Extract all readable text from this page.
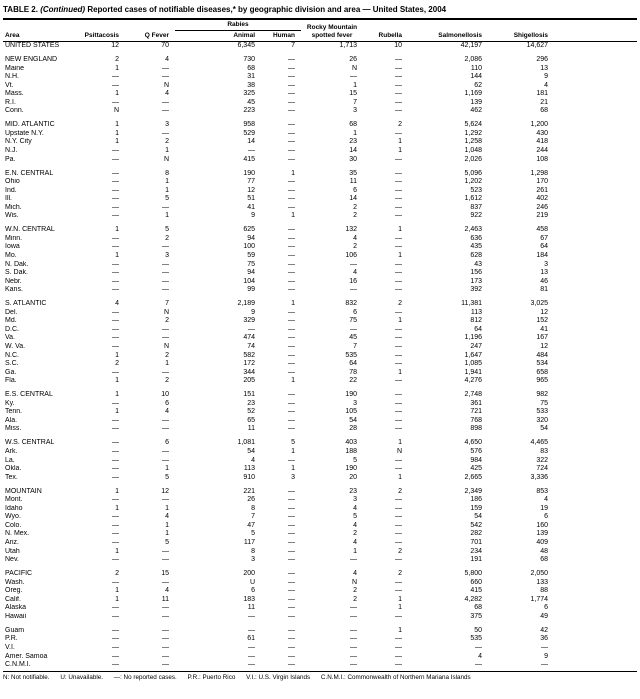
TABLE 2. (Continued) Reported cases of notifiable diseases,* by geographic division and area — United States, 2004
Area	Psittacosis	Q Fever	Rabies		Rocky Mountain
spotted fever	Rubella	Salmonellosis	Shigellosis	
			Animal	Human					
UNITED STATES	12	70	6,345	7	1,713	10	42,197	14,627	

NEW ENGLAND	2	4	730	—	26	—	2,086	296	
Maine	1	—	68	—	N	—	110	13	
N.H.	—	—	31	—	—	—	144	9	
Vt.	—	N	38	—	1	—	62	4	
Mass.	1	4	325	—	15	—	1,169	181	
R.I.	—	—	45	—	7	—	139	21	
Conn.	N	—	223	—	3	—	462	68	

MID. ATLANTIC	1	3	958	—	68	2	5,624	1,200	
Upstate N.Y.	1	—	529	—	1	—	1,292	430	
N.Y. City	1	2	14	—	23	1	1,258	418	
N.J.	—	1	—	—	14	1	1,048	244	
Pa.	—	N	415	—	30	—	2,026	108	

E.N. CENTRAL	—	8	190	1	35	—	5,096	1,298	
Ohio	—	1	77	—	11	—	1,202	170	
Ind.	—	1	12	—	6	—	523	261	
Ill.	—	5	51	—	14	—	1,612	402	
Mich.	—	—	41	—	2	—	837	246	
Wis.	—	1	9	1	2	—	922	219	

W.N. CENTRAL	1	5	625	—	132	1	2,463	458	
Minn.	—	2	94	—	4	—	636	67	
Iowa	—	—	100	—	2	—	435	64	
Mo.	1	3	59	—	106	1	628	184	
N. Dak.	—	—	75	—	—	—	43	3	
S. Dak.	—	—	94	—	4	—	156	13	
Nebr.	—	—	104	—	16	—	173	46	
Kans.	—	—	99	—	—	—	392	81	

S. ATLANTIC	4	7	2,189	1	832	2	11,381	3,025	
Del.	—	N	9	—	6	—	113	12	
Md.	—	2	329	—	75	1	812	152	
D.C.	—	—	—	—	—	—	64	41	
Va.	—	—	474	—	45	—	1,196	167	
W. Va.	—	N	74	—	7	—	247	12	
N.C.	1	2	582	—	535	—	1,647	484	
S.C.	2	1	172	—	64	—	1,085	534	
Ga.	—	—	344	—	78	1	1,941	658	
Fla.	1	2	205	1	22	—	4,276	965	

E.S. CENTRAL	1	10	151	—	190	—	2,748	982	
Ky.	—	6	23	—	3	—	361	75	
Tenn.	1	4	52	—	105	—	721	533	
Ala.	—	—	65	—	54	—	768	320	
Miss.	—	—	11	—	28	—	898	54	

W.S. CENTRAL	—	6	1,081	5	403	1	4,650	4,465	
Ark.	—	—	54	1	188	N	576	83	
La.	—	—	4	—	5	—	984	322	
Okla.	—	1	113	1	190	—	425	724	
Tex.	—	5	910	3	20	1	2,665	3,336	

MOUNTAIN	1	12	221	—	23	2	2,349	853	
Mont.	—	—	26	—	3	—	186	4	
Idaho	1	1	8	—	4	—	159	19	
Wyo.	—	4	7	—	5	—	54	6	
Colo.	—	1	47	—	4	—	542	160	
N. Mex.	—	1	5	—	2	—	282	139	
Ariz.	—	5	117	—	4	—	701	409	
Utah	1	—	8	—	1	2	234	48	
Nev.	—	—	3	—	—	—	191	68	

PACIFIC	2	15	200	—	4	2	5,800	2,050	
Wash.	—	—	U	—	N	—	660	133	
Oreg.	1	4	6	—	2	—	415	88	
Calif.	1	11	183	—	2	1	4,282	1,774	
Alaska	—	—	11	—	—	1	68	6	
Hawaii	—	—	—	—	—	—	375	49	

Guam	—	—	—	—	—	1	50	42	
P.R.	—	—	61	—	—	—	535	36	
V.I.	—	—	—	—	—	—	—	—	
Amer. Samoa	—	—	—	—	—	—	4	9	
C.N.M.I.	—	—	—	—	—	—	—	—	
N: Not notifiable. U: Unavailable. —: No reported cases. P.R.: Puerto Rico V.I.: U.S. Virgin Islands C.N.M.I.: Commonwealth of Northern Mariana Islands
